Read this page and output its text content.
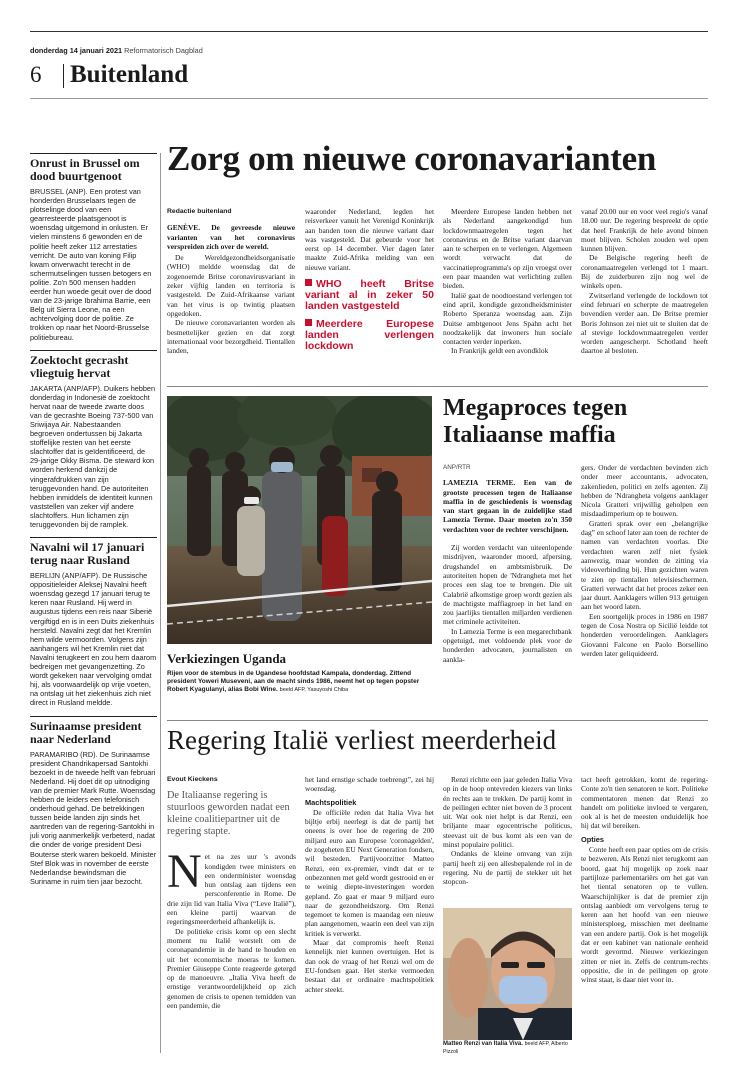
donderdag 14 januari 2021 Reformatorisch Dagblad
6 Buitenland
Onrust in Brussel om dood buurtgenoot
BRUSSEL (ANP). Een protest van honderden Brusselaars tegen de plotselinge dood van een gearresteerde plaatsgenoot is woensdag uitgemond in onlusten. Er vielen minstens 6 gewonden en de politie heeft zeker 112 arrestaties verricht. De auto van koning Filip kwam onverwacht terecht in de schermutselingen tussen betogers en politie. Zo'n 500 mensen hadden eerder hun woede geuit over de dood van de 23-jarige Ibrahima Barrie, een Belg uit Sierra Leone, na een achtervolging door de politie. Ze trokken op naar het Noord-Brusselse politiebureau.
Zoektocht gecrasht vliegtuig hervat
JAKARTA (ANP/AFP). Duikers hebben donderdag in Indonesië de zoektocht hervat naar de tweede zwarte doos van de gecrashte Boeing 737-500 van Sriwijaya Air. Nabestaanden begroeven ondertussen bij Jakarta stoffelijke resten van het eerste slachtoffer dat is geïdentificeerd, de 29-jarige Okky Bisma. De steward kon worden herkend dankzij de vingerafdrukken van zijn teruggevonden hand. De autoriteiten hebben inmiddels de identiteit kunnen vaststellen van zeker vijf andere slachtoffers. Hun lichamen zijn teruggevonden bij de ramplek.
Navalni wil 17 januari terug naar Rusland
BERLIJN (ANP/AFP). De Russische oppositieleider Aleksej Navalni heeft woensdag gezegd 17 januari terug te keren naar Rusland. Hij werd in augustus tijdens een reis naar Siberië vergiftigd en is in een Duits ziekenhuis hersteld. Navalni zegt dat het Kremlin hem wilde vermoorden. Volgens zijn aanhangers wil het Kremlin niet dat Navalni terugkeert en zou hem daarom bedreigen met gevangenzetting. Zo wordt gekeken naar vervolging omdat hij, als voorwaardelijk op vrije voeten, na ontslag uit het ziekenhuis zich niet direct in Rusland meldde.
Surinaamse president naar Nederland
PARAMARIBO (RD). De Surinaamse president Chandrikapersad Santokhi bezoekt in de tweede helft van februari Nederland. Hij doet dit op uitnodiging van de premier Mark Rutte. Woensdag hebben de leiders een telefonisch onderhoud gehad. De betrekkingen tussen beide landen zijn sinds het aantreden van de regering-Santokhi in juli vorig aanmerkelijk verbeterd, nadat die onder de vorige president Desi Bouterse sterk waren bekoeld. Minister Stef Blok was in november de eerste Nederlandse bewindsman die Suriname in ruim tien jaar bezocht.
Zorg om nieuwe coronavarianten
Redactie buitenland

GENÈVE. De gevreesde nieuwe varianten van het coronavirus verspreiden zich over de wereld.

De Wereldgezondheidsorganisatie (WHO) meldde woensdag dat de zogenoemde Britse coronavirusvariant in zeker vijftig landen en territoria is vastgesteld. De Zuid-Afrikaanse variant van het virus is op twintig plaatsen opgedoken.

De nieuwe coronavarianten worden als besmettelijker gezien en dat zorgt internationaal voor bezorgdheid. Tientallen landen,

waaronder Nederland, legden het reisverkeer vanuit het Verenigd Koninkrijk aan banden toen die nieuwe variant daar was vastgesteld. Dat gebeurde voor het eerst op 14 december. Vier dagen later maakte Zuid-Afrika melding van een nieuwe variant.

WHO heeft Britse variant al in zeker 50 landen vastgesteld
Meerdere Europese landen verlengen lockdown

Meerdere Europese landen hebben net als Nederland aangekondigd hun lockdownmaatregelen tegen het coronavirus en de Britse variant daarvan aan te scherpen en te verlengen. Algemeen wordt verwacht dat de vaccinatieprogramma's op zijn vroegst over een paar maanden wat verlichting zullen bieden.

Italië gaat de noodtoestand verlengen tot eind april, kondigde gezondheidsminister Roberto Speranza woensdag aan. Zijn Duitse ambtgenoot Jens Spahn acht het noodzakelijk dat inwoners hun sociale contacten verder inperken.

In Frankrijk geldt een avondklok

vanaf 20.00 uur en voor veel regio's vanaf 18.00 uur. De regering bespreekt de optie dat heel Frankrijk de hele avond binnen moet blijven. Scholen zouden wel open kunnen blijven.

De Belgische regering heeft de coronamaatregelen verlengd tot 1 maart. Bij de zuiderburen zijn nog wel de winkels open.

Zwitserland verlengde de lockdown tot eind februari en scherpte de maatregelen bovendien verder aan. De Britse premier Boris Johnson zei niet uit te sluiten dat de al stevige lockdownmaatregelen verder worden aangescherpt. Schotland heeft daartoe al besloten.

Verkiezingen Uganda
Rijen voor de stembus in de Ugandese hoofdstad Kampala, donderdag. Zittend president Yoweri Museveni, aan de macht sinds 1986, neemt het op tegen popster Robert Kyagulanyi, alias Bobi Wine. beeld AFP, Yasuyoshi Chiba
Megaproces tegen
Italiaanse maffia
ANP/RTR

LAMEZIA TERME. Een van de grootste processen tegen de Italiaanse maffia in de geschiedenis is woensdag van start gegaan in de zuidelijke stad Lamezia Terme. Daar moeten zo'n 350 verdachten voor de rechter verschijnen.

Zij worden verdacht van uiteenlopende misdrijven, waaronder moord, afpersing, drugshandel en ambtsmisbruik. De autoriteiten hopen de 'Ndrangheta met het proces een slag toe te brengen. Die uit Calabrië afkomstige groep wordt gezien als de machtigste maffiagroep in het land en zou jaarlijks tientallen miljarden verdienen met criminele activiteiten.

In Lamezia Terme is een megarechtbank opgetuigd, met voldoende plek voor de honderden advocaten, journalisten en aankla-

gers. Onder de verdachten bevinden zich onder meer accountants, advocaten, zakenlieden, politici en zelfs agenten. Zij hebben de 'Ndrangheta volgens aanklager Nicola Gratteri vrijwillig geholpen een misdaadimperium op te bouwen.

Gratteri sprak over een „belangrijke dag” en schoof later aan toen de rechter de namen van verdachten voorlas. Die verdachten waren zelf niet fysiek aanwezig, maar wonden de zitting via videoverbinding bij. Hun gezichten waren te zien op tientallen televisieschermen. Gratteri verwacht dat het proces zeker een jaar duurt. Aanklagers willen 913 getuigen aan het woord laten.

Een soortgelijk proces in 1986 en 1987 tegen de Cosa Nostra op Sicilië leidde tot honderden veroordelingen. Aanklagers Giovanni Falcone en Paolo Borsellino werden later geliquideerd.

Regering Italië verliest meerderheid
Evout Kieckens
De Italiaanse regering is stuurloos geworden nadat een kleine coalitiepartner uit de regering stapte.
N et na zes uur 's avonds kondigden twee ministers en een onderminister woensdag hun ontslag aan tijdens een persconferentie in Rome. De drie zijn lid van Italia Viva (“Leve Italië”), een kleine partij waarvan de regeringsmeerderheid afhankelijk is.

De politieke crisis komt op een slecht moment nu Italië worstelt om de coronapandemie in de hand te houden en uit het economische moeras te komen. Premier Giuseppe Conte reageerde getergd op de manoeuvre. „Italia Viva heeft de ernstige verantwoordelijkheid op zich genomen de crisis te openen temidden van een pandemie, die

het land ernstige schade toebrengt”, zei hij woensdag.

Machtspolitiek

De officiële reden dat Italia Viva het bijltje erbij neerlegt is dat de partij het oneens is over hoe de regering de 200 miljard euro aan Europese 'coronagelden', de zogeheten EU Next Generation fondsen, wil besteden. Partijvoorzitter Matteo Renzi, een ex-premier, vindt dat er te onbezonnen met geld wordt gestrooid en er te weinig diepte-investeringen worden gepland. Zo gaat er maar 9 miljard euro naar de gezondheidszorg. Om Renzi tegemoet te komen is maandag een nieuw plan aangenomen, waarin een deel van zijn kritiek is verwerkt.

Maar dat compromis heeft Renzi kennelijk niet kunnen overtuigen. Het is dan ook de vraag of het Renzi wel om de EU-fondsen gaat. Het sterke vermoeden bestaat dat er ordinaire machtspolitiek achter steekt.

Renzi richtte een jaar geleden Italia Viva op in de hoop ontevreden kiezers van links én rechts aan te trekken. De partij komt in de peilingen echter niet boven de 3 procent uit. Wat ook niet helpt is dat Renzi, een briljante maar egocentrische politicus, steevast uit de bus komt als een van de minst populaire politici.

Ondanks de kleine omvang van zijn partij heeft zij een allesbepalende rol in de regering. Nu de partij de stekker uit het stopcon-

Matteo Renzi van Italia Viva. beeld AFP, Alberto Pizzoli

tact heeft getrokken, komt de regering-Conte zo'n tien senatoren te kort. Politieke commentatoren menen dat Renzi zo handelt om politieke invloed te vergaren, ook al is het de meesten onduidelijk hoe hij dat wil bereiken.

Opties

Conte heeft een paar opties om de crisis te bezweren. Als Renzi niet terugkomt aan boord, gaat hij mogelijk op zoek naar partijloze parlementariërs om het gat van het tiental senatoren op te vullen. Waarschijnlijker is dat de premier zijn ontslag aanbiedt om vervolgens terug te keren aan het hoofd van een nieuwe ministersploeg, misschien met deelname van een andere partij. Ook is het mogelijk dat er een kabinet van nationale eenheid wordt gevormd. Nieuwe verkiezingen zitten er niet in. Zelfs de centrum-rechts oppositie, die in de peilingen op grote winst staat, is daar niet voor in.
